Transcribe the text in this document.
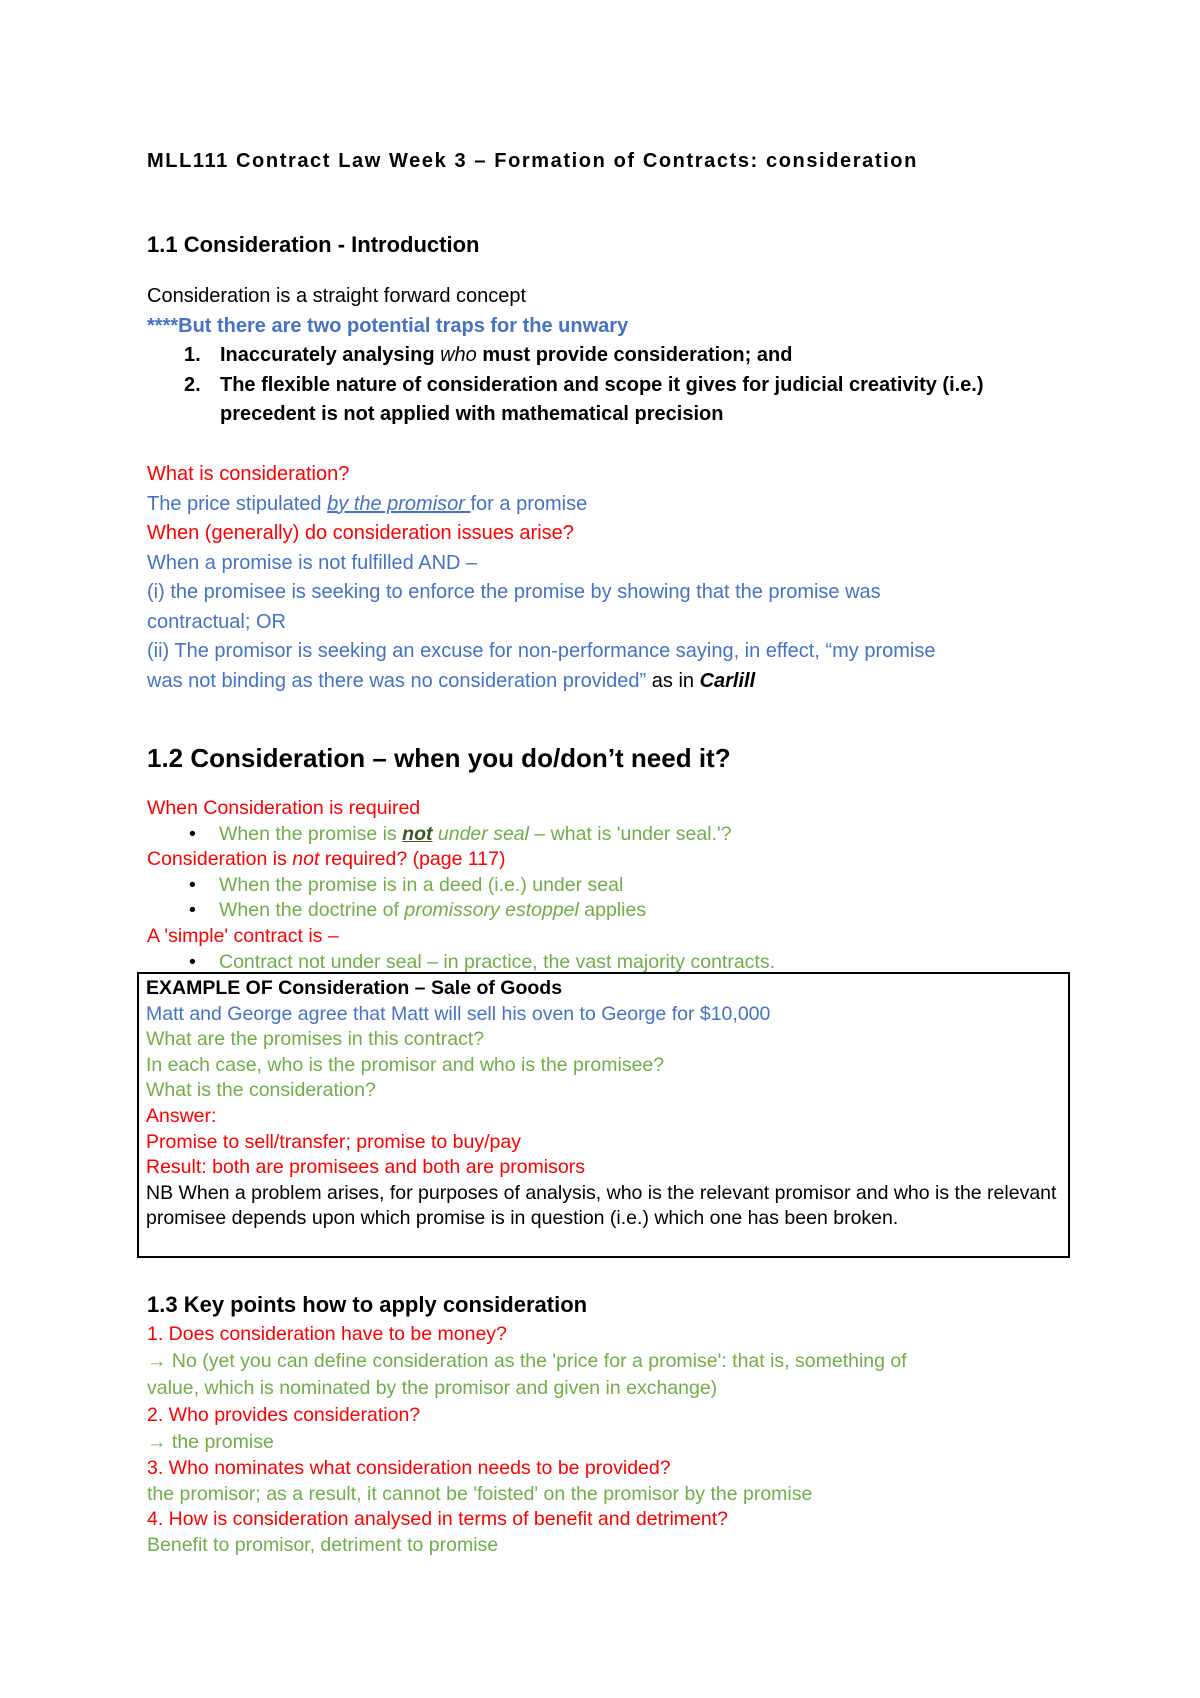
MLL111 Contract Law Week 3 – Formation of Contracts: consideration

1.1 Consideration - Introduction

Consideration is a straight forward concept

****But there are two potential traps for the unwary

1. Inaccurately analysing who must provide consideration; and
2. The flexible nature of consideration and scope it gives for judicial creativity (i.e.)
precedent is not applied with mathematical precision

What is consideration?

The price stipulated by the promisor for a promise

When (generally) do consideration issues arise?

When a promise is not fulfilled AND –

(i) the promisee is seeking to enforce the promise by showing that the promise was

contractual; OR

(ii) The promisor is seeking an excuse for non-performance saying, in effect, “my promise

was not binding as there was no consideration provided” as in Carlill

1.2 Consideration – when you do/don’t need it?

When Consideration is required

• When the promise is not under seal – what is 'under seal.'?

Consideration is not required? (page 117)

• When the promise is in a deed (i.e.) under seal
• When the doctrine of promissory estoppel applies

A 'simple' contract is –

• Contract not under seal – in practice, the vast majority contracts.

EXAMPLE OF Consideration – Sale of Goods

Matt and George agree that Matt will sell his oven to George for $10,000

What are the promises in this contract?

In each case, who is the promisor and who is the promisee?

What is the consideration?

Answer:

Promise to sell/transfer; promise to buy/pay

Result: both are promisees and both are promisors

NB When a problem arises, for purposes of analysis, who is the relevant promisor and who is the relevant promisee depends upon which promise is in question (i.e.) which one has been broken.

1.3 Key points how to apply consideration

1. Does consideration have to be money?

→ No (yet you can define consideration as the 'price for a promise': that is, something of

value, which is nominated by the promisor and given in exchange)

2. Who provides consideration?

→ the promise

3. Who nominates what consideration needs to be provided?

the promisor; as a result, it cannot be 'foisted' on the promisor by the promise

4. How is consideration analysed in terms of benefit and detriment?

Benefit to promisor, detriment to promise
